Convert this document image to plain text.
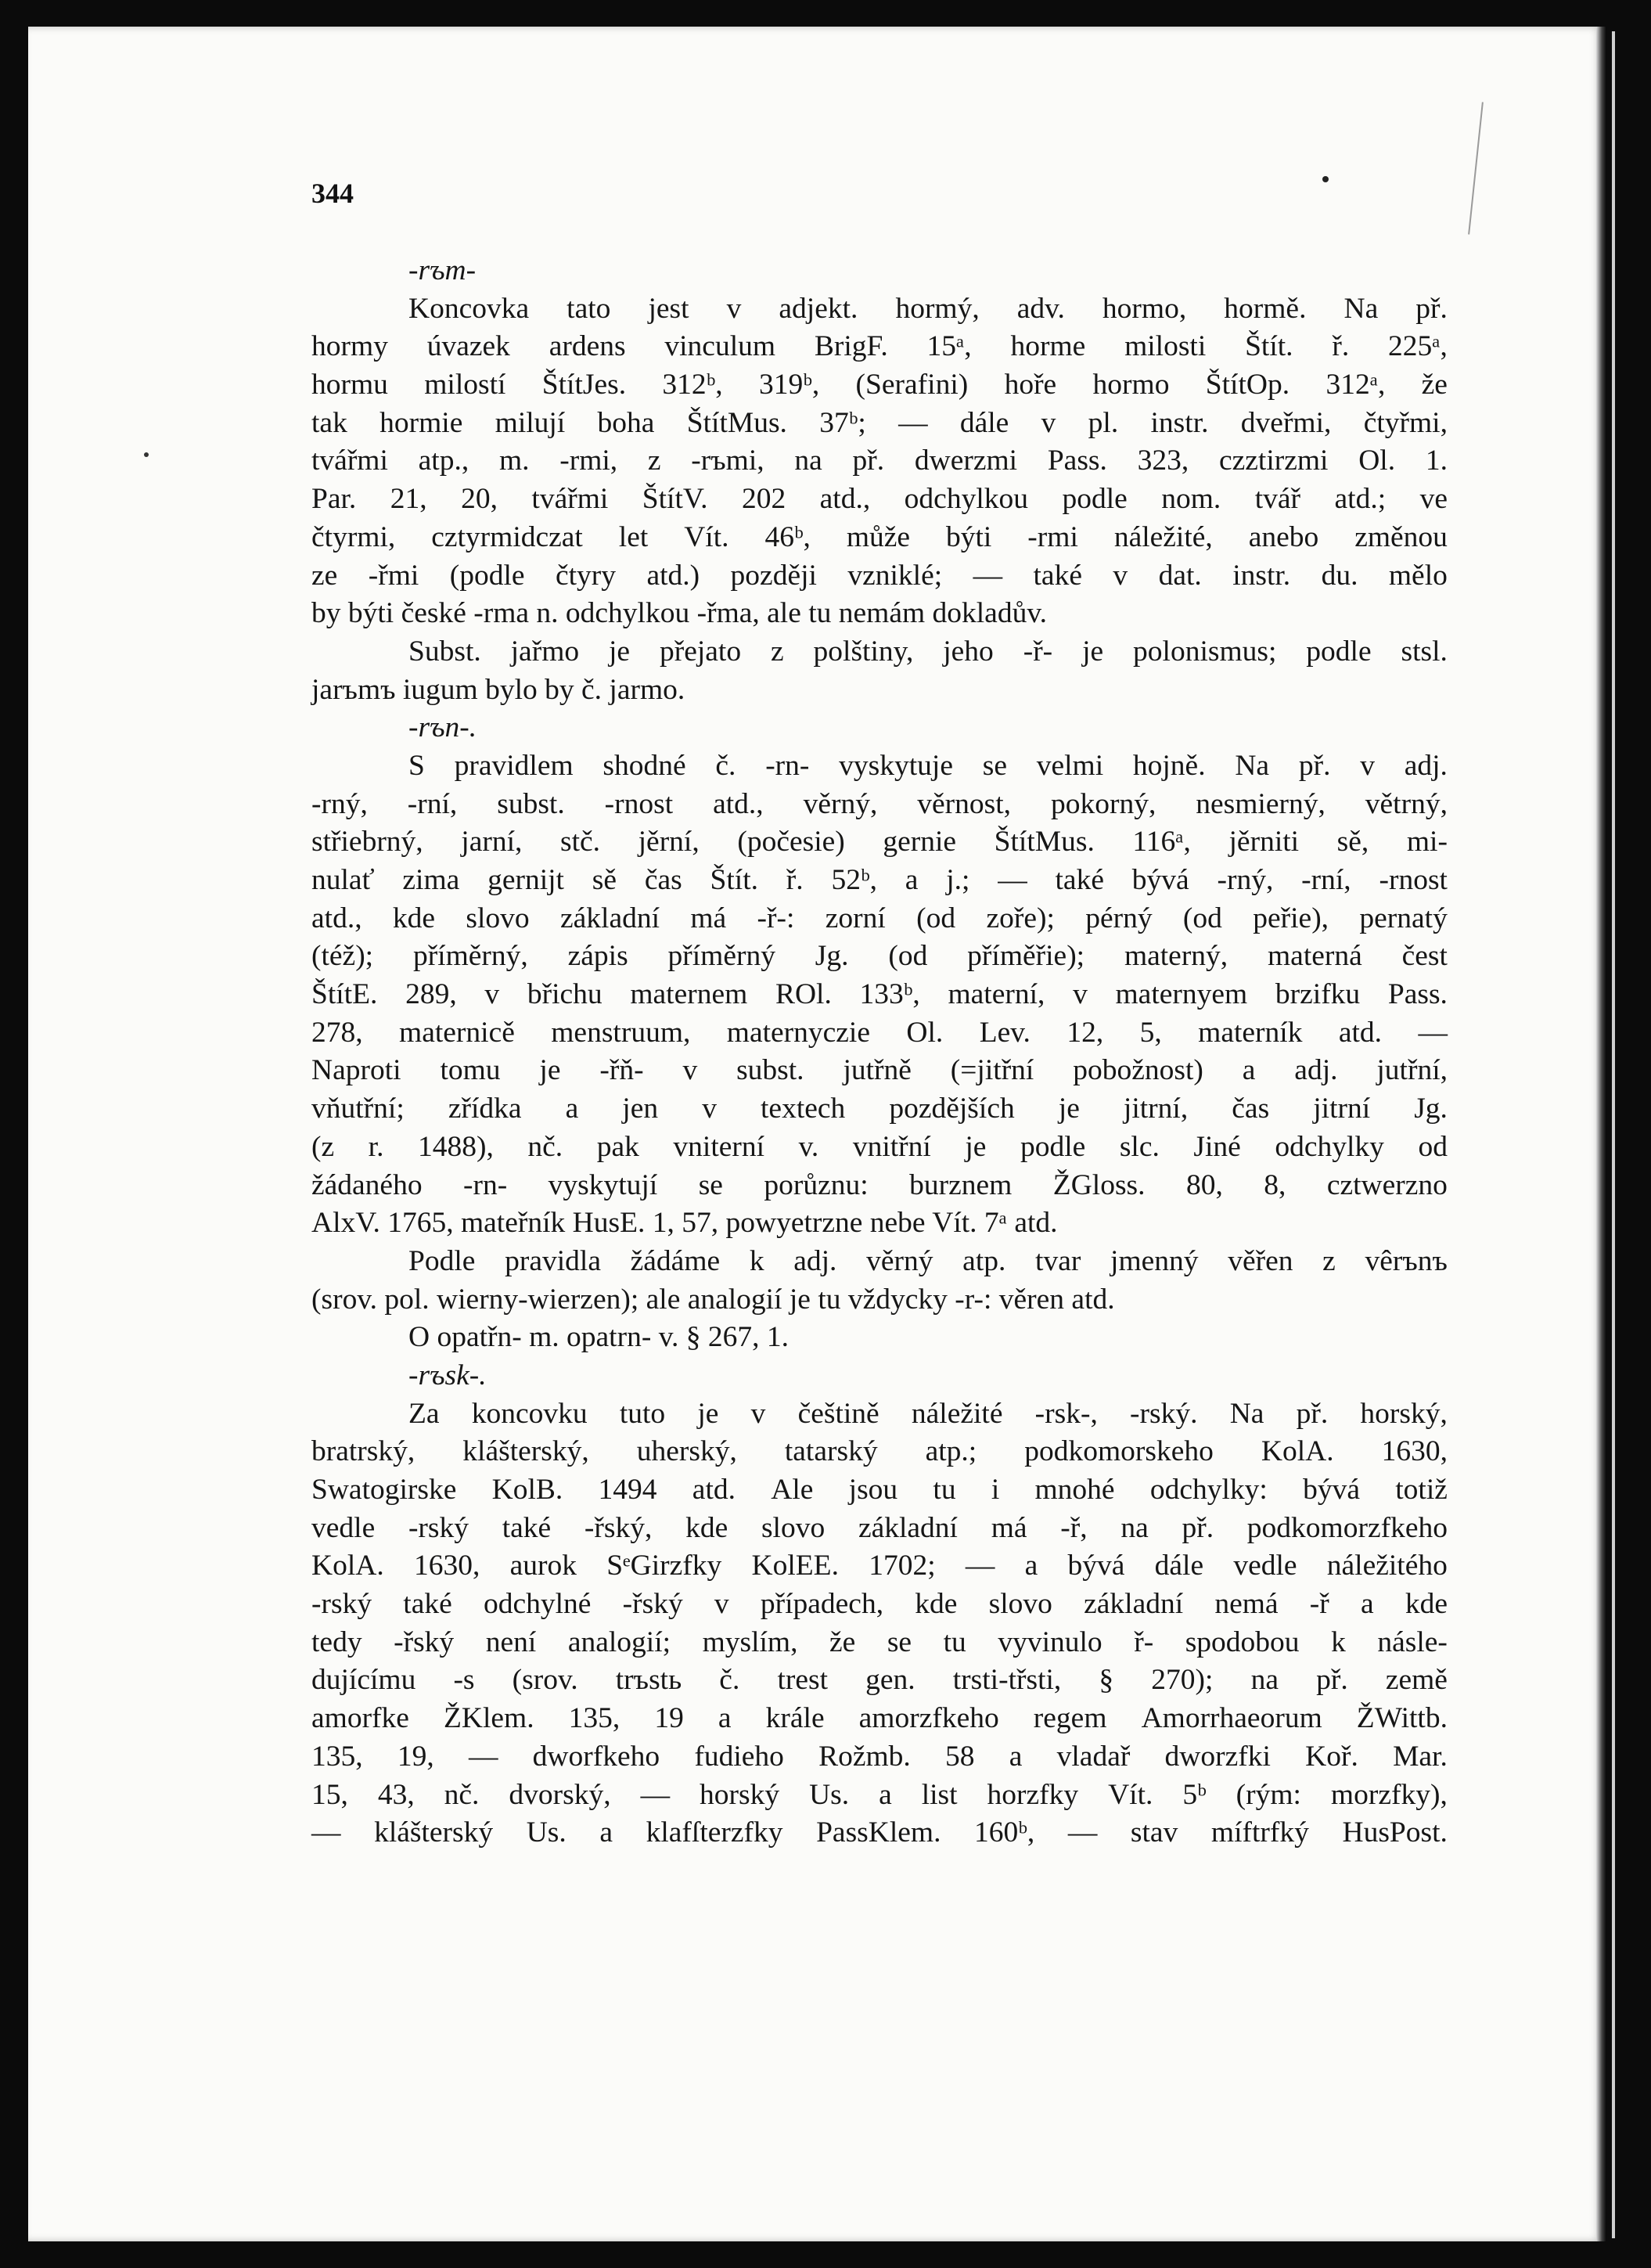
344
-rъm-
Koncovka tato jest v adjekt. hormý, adv. hormo, hormě. Na př.
hormy úvazek ardens vinculum BrigF. 15ᵃ, horme milosti Štít. ř. 225ᵃ,
hormu milostí ŠtítJes. 312ᵇ, 319ᵇ, (Serafini) hoře hormo ŠtítOp. 312ᵃ, že
tak hormie milují boha ŠtítMus. 37ᵇ; — dále v pl. instr. dveřmi, čtyřmi,
tvářmi atp., m. -rmi, z -rъmi, na př. dwerzmi Pass. 323, czztirzmi Ol. 1.
Par. 21, 20, tvářmi ŠtítV. 202 atd., odchylkou podle nom. tvář atd.; ve
čtyrmi, cztyrmidczat let Vít. 46ᵇ, může býti -rmi náležité, anebo změnou
ze -řmi (podle čtyry atd.) později vzniklé; — také v dat. instr. du. mělo
by býti české -rma n. odchylkou -řma, ale tu nemám dokladův.
Subst. jařmo je přejato z polštiny, jeho -ř- je polonismus; podle stsl.
jarъmъ iugum bylo by č. jarmo.
-rъn-.
S pravidlem shodné č. -rn- vyskytuje se velmi hojně. Na př. v adj.
-rný, -rní, subst. -rnost atd., věrný, věrnost, pokorný, nesmierný, větrný,
střiebrný, jarní, stč. jěrní, (počesie) gernie ŠtítMus. 116ᵃ, jěrniti sě, mi-
nulať zima gernijt sě čas Štít. ř. 52ᵇ, a j.; — také bývá -rný, -rní, -rnost
atd., kde slovo základní má -ř-: zorní (od zoře); pérný (od peřie), pernatý
(též); příměrný, zápis příměrný Jg. (od příměřie); materný, materná čest
ŠtítE. 289, v břichu maternem ROl. 133ᵇ, materní, v maternyem brzifku Pass.
278, maternicě menstruum, maternyczie Ol. Lev. 12, 5, materník atd. —
Naproti tomu je -řň- v subst. jutřně (=jitřní pobožnost) a adj. jutřní,
vňutřní; zřídka a jen v textech pozdějších je jitrní, čas jitrní Jg.
(z r. 1488), nč. pak vniterní v. vnitřní je podle slc. Jiné odchylky od
žádaného -rn- vyskytují se porůznu: burznem ŽGloss. 80, 8, cztwerzno
AlxV. 1765, mateřník HusE. 1, 57, powyetrzne nebe Vít. 7ᵃ atd.
Podle pravidla žádáme k adj. věrný atp. tvar jmenný věřen z vêrъnъ
(srov. pol. wierny-wierzen); ale analogií je tu vždycky -r-: věren atd.
O opatřn- m. opatrn- v. § 267, 1.
-rъsk-.
Za koncovku tuto je v češtině náležité -rsk-, -rský. Na př. horský,
bratrský, klášterský, uherský, tatarský atp.; podkomorskeho KolA. 1630,
Swatogirske KolB. 1494 atd. Ale jsou tu i mnohé odchylky: bývá totiž
vedle -rský také -řský, kde slovo základní má -ř, na př. podkomorzfkeho
KolA. 1630, aurok SᵉGirzfky KolEE. 1702; — a bývá dále vedle náležitého
-rský také odchylné -řský v případech, kde slovo základní nemá -ř a kde
tedy -řský není analogií; myslím, že se tu vyvinulo ř- spodobou k násle-
dujícímu -s (srov. trъstь č. trest gen. trsti-třsti, § 270); na př. země
amorfke ŽKlem. 135, 19 a krále amorzfkeho regem Amorrhaeorum ŽWittb.
135, 19, — dworfkeho fudieho Rožmb. 58 a vladař dworzfki Koř. Mar.
15, 43, nč. dvorský, — horský Us. a list horzfky Vít. 5ᵇ (rým: morzfky),
— klášterský Us. a klafſterzfky PassKlem. 160ᵇ, — stav míftrfký HusPost.
